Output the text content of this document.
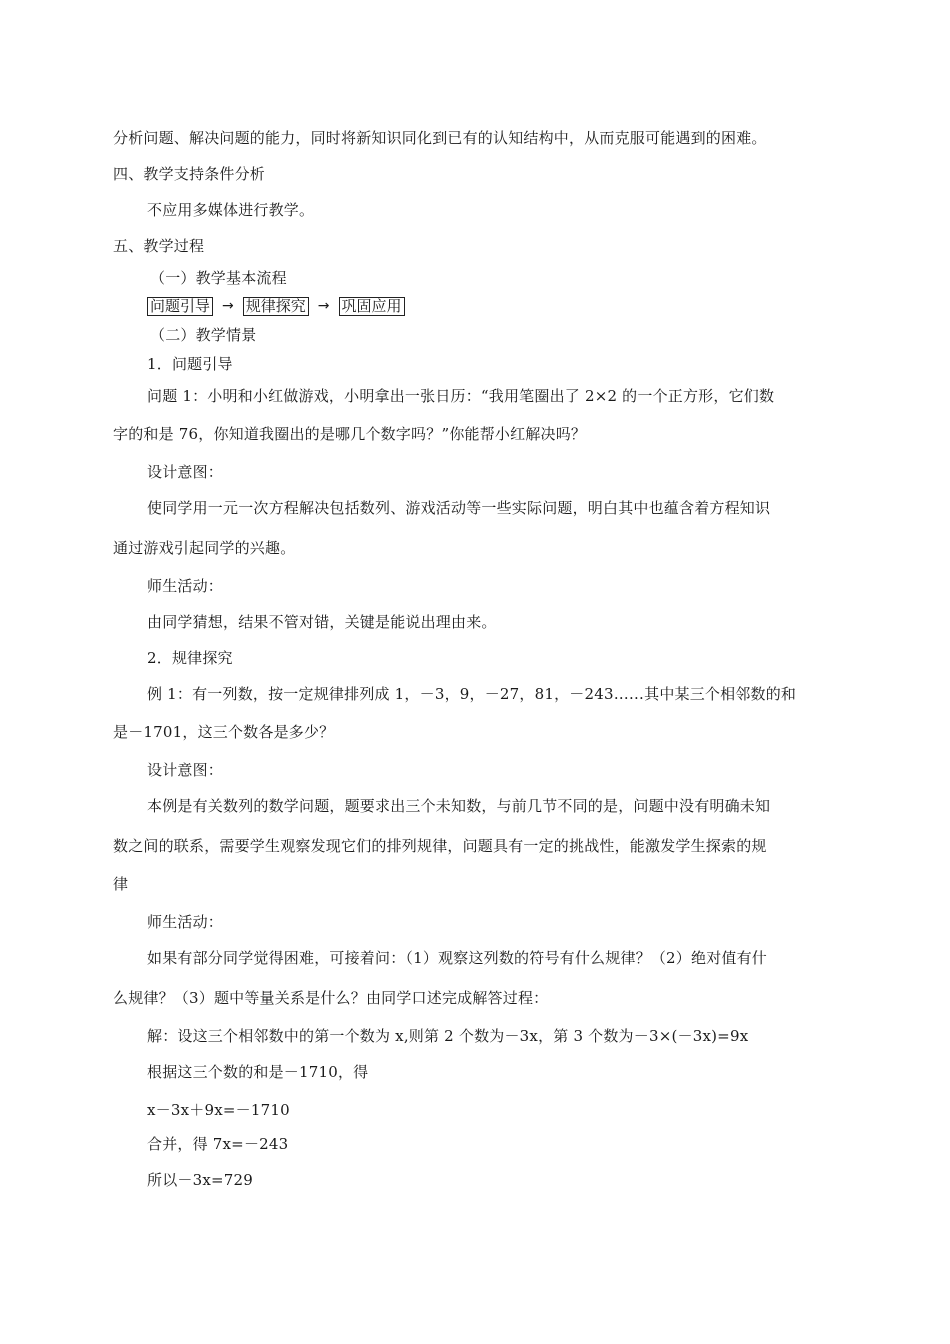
分析问题、解决问题的能力，同时将新知识同化到已有的认知结构中，从而克服可能遇到的困难。
四、教学支持条件分析
不应用多媒体进行教学。
五、教学过程
（一）教学基本流程
问题引导 → 规律探究 → 巩固应用
（二）教学情景
1．问题引导
问题 1：小明和小红做游戏，小明拿出一张日历：“我用笔圈出了 2×2 的一个正方形，它们数
字的和是 76，你知道我圈出的是哪几个数字吗？”你能帮小红解决吗？
设计意图：
使同学用一元一次方程解决包括数列、游戏活动等一些实际问题，明白其中也蕴含着方程知识
通过游戏引起同学的兴趣。
师生活动：
由同学猜想，结果不管对错，关键是能说出理由来。
2．规律探究
例 1：有一列数，按一定规律排列成 1，－3，9，－27，81，－243……其中某三个相邻数的和
是－1701，这三个数各是多少？
设计意图：
本例是有关数列的数学问题，题要求出三个未知数，与前几节不同的是，问题中没有明确未知
数之间的联系，需要学生观察发现它们的排列规律，问题具有一定的挑战性，能激发学生探索的规
律
师生活动：
如果有部分同学觉得困难，可接着问：（1）观察这列数的符号有什么规律？（2）绝对值有什
么规律？（3）题中等量关系是什么？由同学口述完成解答过程：
解：设这三个相邻数中的第一个数为 x,则第 2 个数为－3x，第 3 个数为－3×(－3x)=9x
根据这三个数的和是－1710，得
x－3x＋9x=－1710
合并，得 7x=－243
所以－3x=729
